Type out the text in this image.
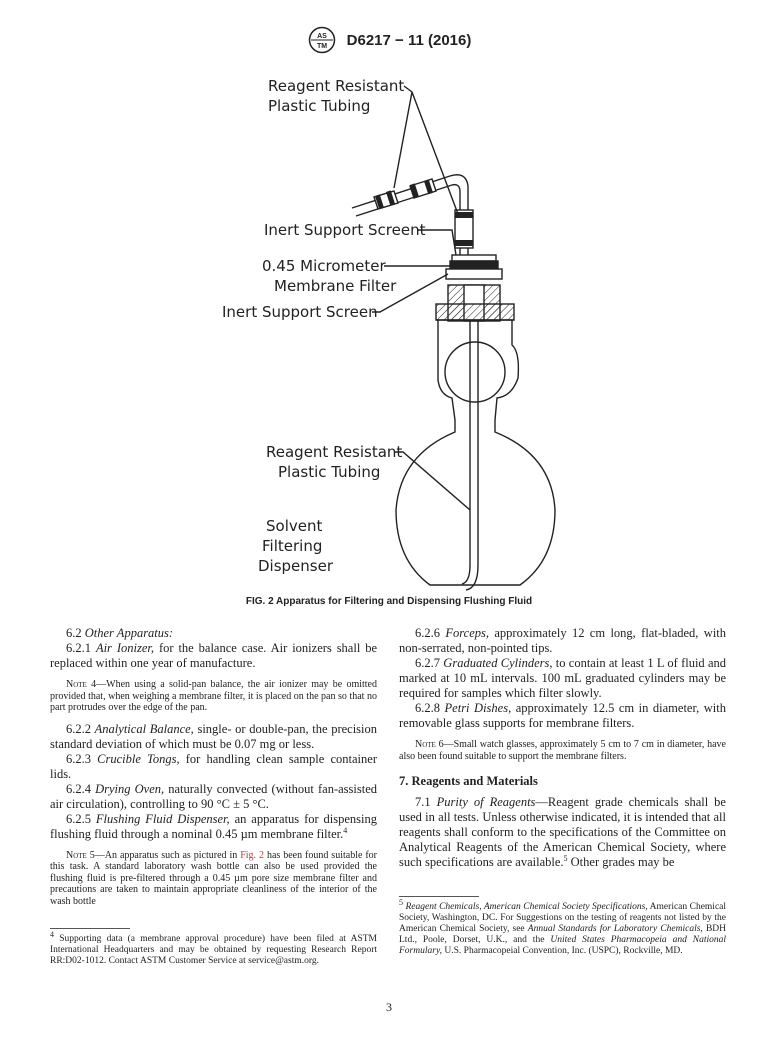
AS
TM D6217 − 11 (2016)
Reagent Resistant
Plastic Tubing
Inert Support Screent
0.45 Micrometer
Membrane Filter
Inert Support Screen
Reagent Resistant
Plastic Tubing
Solvent
Filtering
Dispenser
FIG. 2 Apparatus for Filtering and Dispensing Flushing Fluid

6.2 Other Apparatus:

6.2.1 Air Ionizer, for the balance case. Air ionizers shall be replaced within one year of manufacture.

Note 4—When using a solid-pan balance, the air ionizer may be omitted provided that, when weighing a membrane filter, it is placed on the pan so that no part protrudes over the edge of the pan.

6.2.2 Analytical Balance, single- or double-pan, the precision standard deviation of which must be 0.07 mg or less.

6.2.3 Crucible Tongs, for handling clean sample container lids.

6.2.4 Drying Oven, naturally convected (without fan-assisted air circulation), controlling to 90 °C ± 5 °C.

6.2.5 Flushing Fluid Dispenser, an apparatus for dispensing flushing fluid through a nominal 0.45 µm membrane filter.$^4$

Note 5—An apparatus such as pictured in Fig. 2 has been found suitable for this task. A standard laboratory wash bottle can also be used provided the flushing fluid is pre-filtered through a 0.45 µm pore size membrane filter and precautions are taken to maintain appropriate cleanliness of the interior of the wash bottle

$^4$ Supporting data (a membrane approval procedure) have been filed at ASTM International Headquarters and may be obtained by requesting Research Report RR:D02-1012. Contact ASTM Customer Service at service@astm.org.

6.2.6 Forceps, approximately 12 cm long, flat-bladed, with non-serrated, non-pointed tips.

6.2.7 Graduated Cylinders, to contain at least 1 L of fluid and marked at 10 mL intervals. 100 mL graduated cylinders may be required for samples which filter slowly.

6.2.8 Petri Dishes, approximately 12.5 cm in diameter, with removable glass supports for membrane filters.

Note 6—Small watch glasses, approximately 5 cm to 7 cm in diameter, have also been found suitable to support the membrane filters.

7. Reagents and Materials

7.1 Purity of Reagents—Reagent grade chemicals shall be used in all tests. Unless otherwise indicated, it is intended that all reagents shall conform to the specifications of the Committee on Analytical Reagents of the American Chemical Society, where such specifications are available.$^5$ Other grades may be

$^5$ Reagent Chemicals, American Chemical Society Specifications, American Chemical Society, Washington, DC. For Suggestions on the testing of reagents not listed by the American Chemical Society, see Annual Standards for Laboratory Chemicals, BDH Ltd., Poole, Dorset, U.K., and the United States Pharmacopeia and National Formulary, U.S. Pharmacopeial Convention, Inc. (USPC), Rockville, MD.
3
